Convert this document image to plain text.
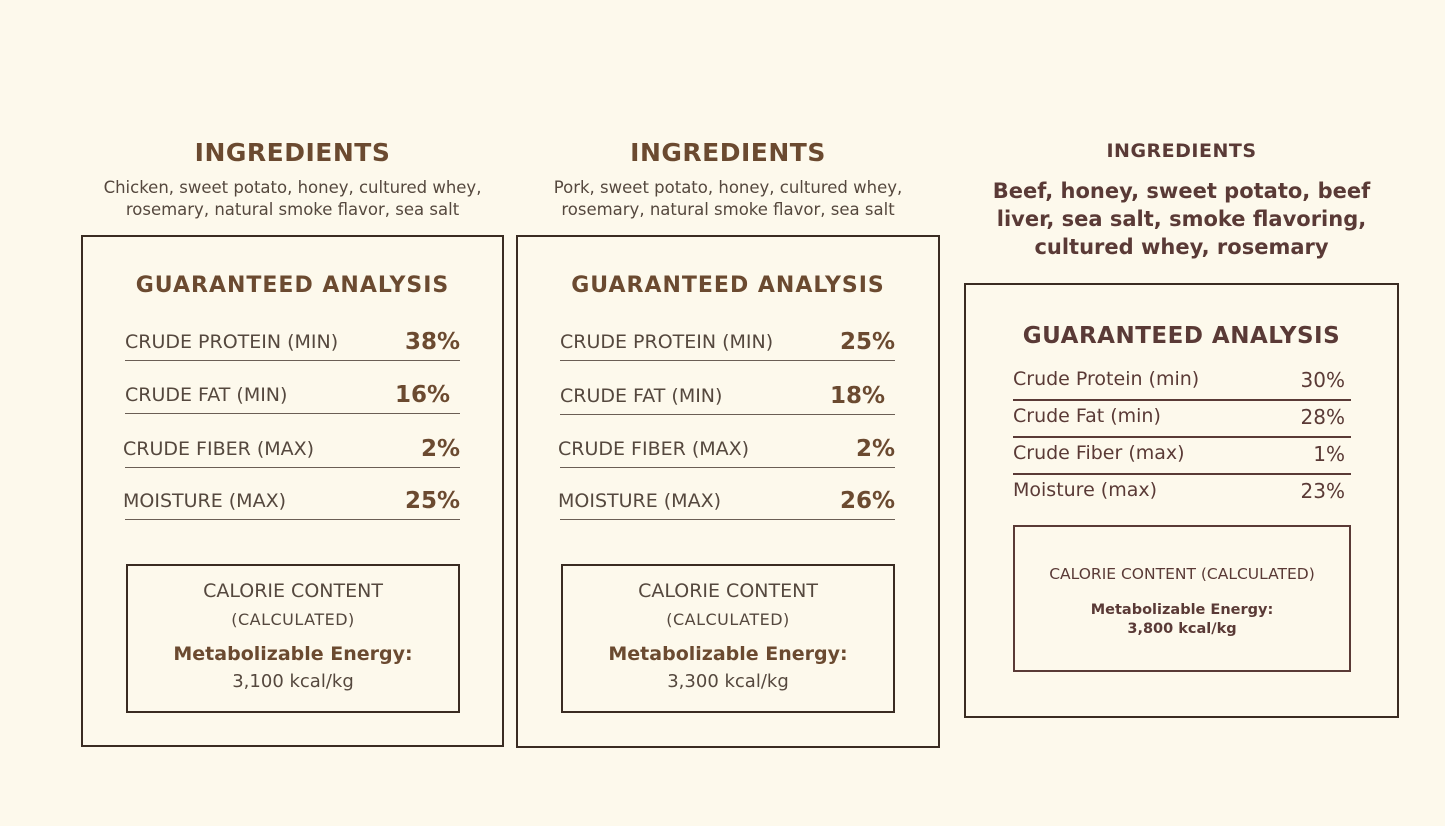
INGREDIENTS
Chicken, sweet potato, honey, cultured whey,
rosemary, natural smoke flavor, sea salt
GUARANTEED ANALYSIS
CRUDE PROTEIN (MIN)	38%
CRUDE FAT (MIN)	16%
CRUDE FIBER (MAX)	2%
MOISTURE (MAX)	25%
CALORIE CONTENT
(CALCULATED)
Metabolizable Energy:
3,100 kcal/kg
INGREDIENTS
Pork, sweet potato, honey, cultured whey,
rosemary, natural smoke flavor, sea salt
GUARANTEED ANALYSIS
CRUDE PROTEIN (MIN)	25%
CRUDE FAT (MIN)	18%
CRUDE FIBER (MAX)	2%
MOISTURE (MAX)	26%
CALORIE CONTENT
(CALCULATED)
Metabolizable Energy:
3,300 kcal/kg
INGREDIENTS
Beef, honey, sweet potato, beef
liver, sea salt, smoke flavoring,
cultured whey, rosemary
GUARANTEED ANALYSIS
Crude Protein (min)	30%
Crude Fat (min)	28%
Crude Fiber (max)	1%
Moisture (max)	23%
CALORIE CONTENT (CALCULATED)
Metabolizable Energy:
3,800 kcal/kg
